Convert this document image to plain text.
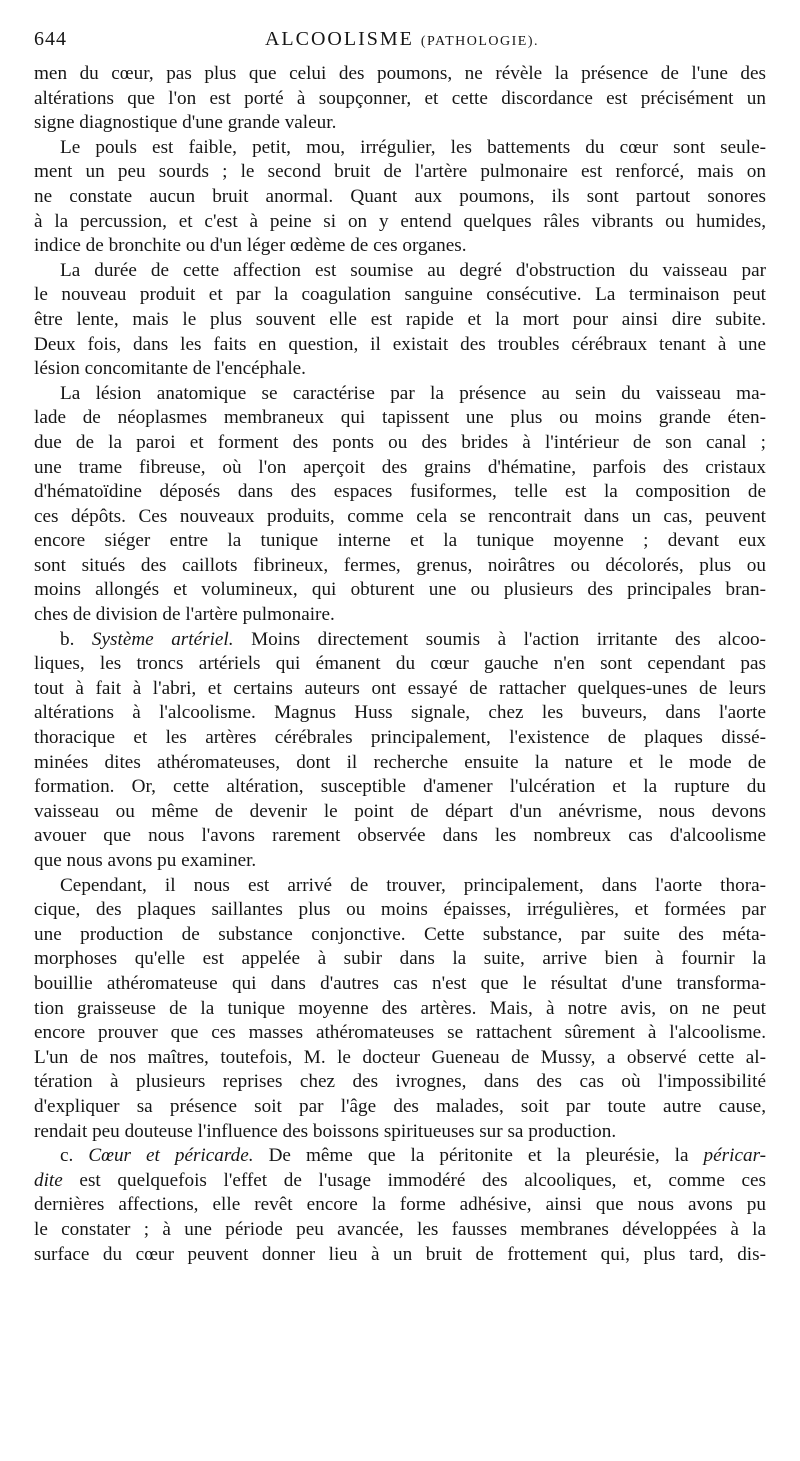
644	ALCOOLISME (PATHOLOGIE).
men du cœur, pas plus que celui des poumons, ne révèle la présence de l'une des
altérations que l'on est porté à soupçonner, et cette discordance est précisément un
signe diagnostique d'une grande valeur.
Le pouls est faible, petit, mou, irrégulier, les battements du cœur sont seule-
ment un peu sourds ; le second bruit de l'artère pulmonaire est renforcé, mais on
ne constate aucun bruit anormal. Quant aux poumons, ils sont partout sonores
à la percussion, et c'est à peine si on y entend quelques râles vibrants ou humides,
indice de bronchite ou d'un léger œdème de ces organes.
La durée de cette affection est soumise au degré d'obstruction du vaisseau par
le nouveau produit et par la coagulation sanguine consécutive. La terminaison peut
être lente, mais le plus souvent elle est rapide et la mort pour ainsi dire subite.
Deux fois, dans les faits en question, il existait des troubles cérébraux tenant à une
lésion concomitante de l'encéphale.
La lésion anatomique se caractérise par la présence au sein du vaisseau ma-
lade de néoplasmes membraneux qui tapissent une plus ou moins grande éten-
due de la paroi et forment des ponts ou des brides à l'intérieur de son canal ;
une trame fibreuse, où l'on aperçoit des grains d'hématine, parfois des cristaux
d'hématoïdine déposés dans des espaces fusiformes, telle est la composition de
ces dépôts. Ces nouveaux produits, comme cela se rencontrait dans un cas, peuvent
encore siéger entre la tunique interne et la tunique moyenne ; devant eux
sont situés des caillots fibrineux, fermes, grenus, noirâtres ou décolorés, plus ou
moins allongés et volumineux, qui obturent une ou plusieurs des principales bran-
ches de division de l'artère pulmonaire.
b. Système artériel. Moins directement soumis à l'action irritante des alcoo-
liques, les troncs artériels qui émanent du cœur gauche n'en sont cependant pas
tout à fait à l'abri, et certains auteurs ont essayé de rattacher quelques-unes de leurs
altérations à l'alcoolisme. Magnus Huss signale, chez les buveurs, dans l'aorte
thoracique et les artères cérébrales principalement, l'existence de plaques dissé-
minées dites athéromateuses, dont il recherche ensuite la nature et le mode de
formation. Or, cette altération, susceptible d'amener l'ulcération et la rupture du
vaisseau ou même de devenir le point de départ d'un anévrisme, nous devons
avouer que nous l'avons rarement observée dans les nombreux cas d'alcoolisme
que nous avons pu examiner.
Cependant, il nous est arrivé de trouver, principalement, dans l'aorte thora-
cique, des plaques saillantes plus ou moins épaisses, irrégulières, et formées par
une production de substance conjonctive. Cette substance, par suite des méta-
morphoses qu'elle est appelée à subir dans la suite, arrive bien à fournir la
bouillie athéromateuse qui dans d'autres cas n'est que le résultat d'une transforma-
tion graisseuse de la tunique moyenne des artères. Mais, à notre avis, on ne peut
encore prouver que ces masses athéromateuses se rattachent sûrement à l'alcoolisme.
L'un de nos maîtres, toutefois, M. le docteur Gueneau de Mussy, a observé cette al-
tération à plusieurs reprises chez des ivrognes, dans des cas où l'impossibilité
d'expliquer sa présence soit par l'âge des malades, soit par toute autre cause,
rendait peu douteuse l'influence des boissons spiritueuses sur sa production.
c. Cœur et péricarde. De même que la péritonite et la pleurésie, la péricar-
dite est quelquefois l'effet de l'usage immodéré des alcooliques, et, comme ces
dernières affections, elle revêt encore la forme adhésive, ainsi que nous avons pu
le constater ; à une période peu avancée, les fausses membranes développées à la
surface du cœur peuvent donner lieu à un bruit de frottement qui, plus tard, dis-
